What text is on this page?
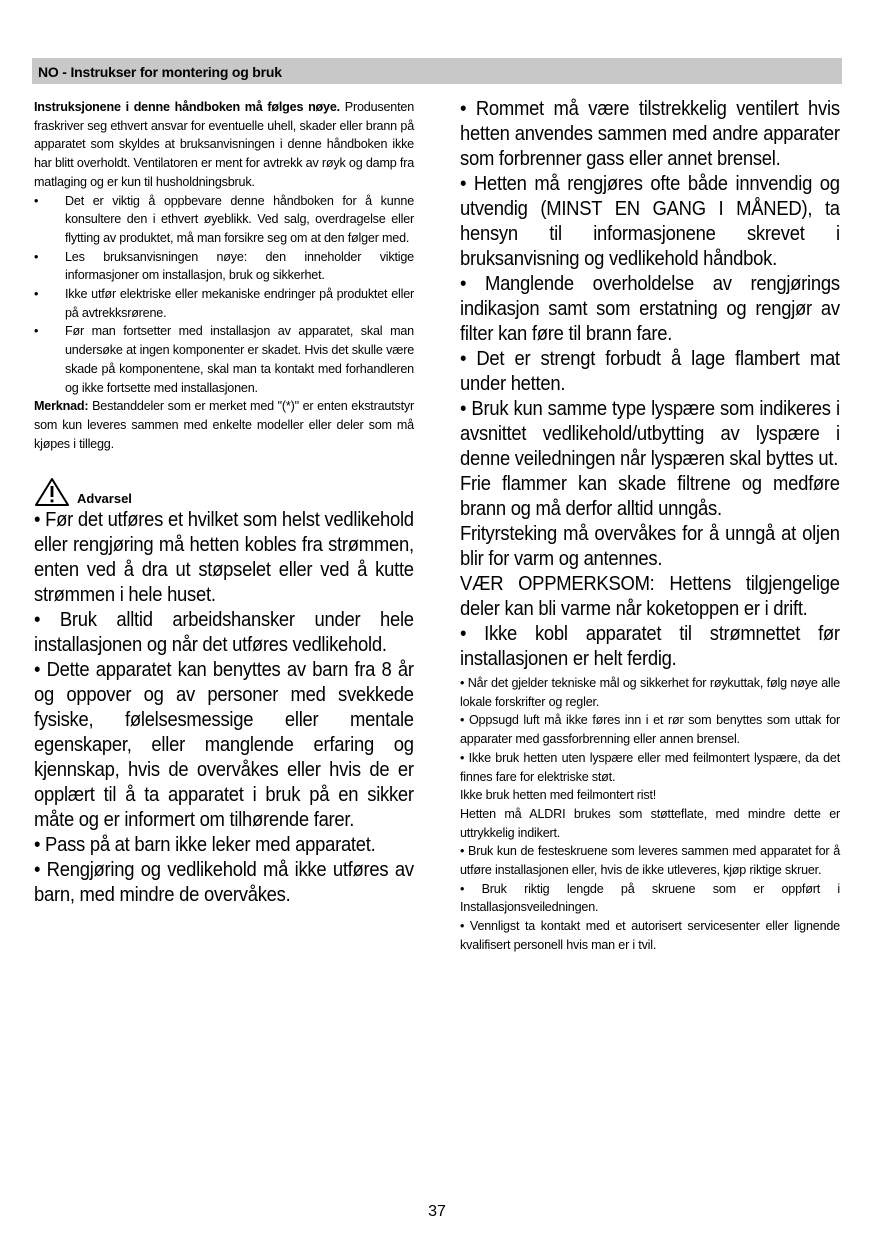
NO - Instrukser for montering og bruk

Instruksjonene i denne håndboken må følges nøye. Produsenten fraskriver seg ethvert ansvar for eventuelle uhell, skader eller brann på apparatet som skyldes at bruksanvisningen i denne håndboken ikke har blitt overholdt. Ventilatoren er ment for avtrekk av røyk og damp fra matlaging og er kun til husholdningsbruk.

• Det er viktig å oppbevare denne håndboken for å kunne konsultere den i ethvert øyeblikk. Ved salg, overdragelse eller flytting av produktet, må man forsikre seg om at den følger med.

• Les bruksanvisningen nøye: den inneholder viktige informasjoner om installasjon, bruk og sikkerhet.

• Ikke utfør elektriske eller mekaniske endringer på produktet eller på avtrekksrørene.

• Før man fortsetter med installasjon av apparatet, skal man undersøke at ingen komponenter er skadet. Hvis det skulle være skade på komponentene, skal man ta kontakt med forhandleren og ikke fortsette med installasjonen.

Merknad: Bestanddeler som er merket med "(*)" er enten ekstrautstyr som kun leveres sammen med enkelte modeller eller deler som må kjøpes i tillegg.

Advarsel

• Før det utføres et hvilket som helst vedlikehold eller rengjøring må hetten kobles fra strømmen, enten ved å dra ut støpselet eller ved å kutte strømmen i hele huset.

• Bruk alltid arbeidshansker under hele installasjonen og når det utføres vedlikehold.

• Dette apparatet kan benyttes av barn fra 8 år og oppover og av personer med svekkede fysiske, følelsesmessige eller mentale egenskaper, eller manglende erfaring og kjennskap, hvis de overvåkes eller hvis de er opplært til å ta apparatet i bruk på en sikker måte og er informert om tilhørende farer.

• Pass på at barn ikke leker med apparatet.

• Rengjøring og vedlikehold må ikke utføres av barn, med mindre de overvåkes.

• Rommet må være tilstrekkelig ventilert hvis hetten anvendes sammen med andre apparater som forbrenner gass eller annet brensel.

• Hetten må rengjøres ofte både innvendig og utvendig (MINST EN GANG I MÅNED), ta hensyn til informasjonene skrevet i bruksanvisning og vedlikehold håndbok.

• Manglende overholdelse av rengjørings indikasjon samt som erstatning og rengjør av filter kan føre til brann fare.

• Det er strengt forbudt å lage flambert mat under hetten.

• Bruk kun samme type lyspære som indikeres i avsnittet vedlikehold/utbytting av lyspære i denne veiledningen når lyspæren skal byttes ut.

Frie flammer kan skade filtrene og medføre brann og må derfor alltid unngås.

Frityrsteking må overvåkes for å unngå at oljen blir for varm og antennes.

VÆR OPPMERKSOM: Hettens tilgjengelige deler kan bli varme når koketoppen er i drift.

• Ikke kobl apparatet til strømnettet før installasjonen er helt ferdig.

• Når det gjelder tekniske mål og sikkerhet for røykuttak, følg nøye alle lokale forskrifter og regler.

• Oppsugd luft må ikke føres inn i et rør som benyttes som uttak for apparater med gassforbrenning eller annen brensel.

• Ikke bruk hetten uten lyspære eller med feilmontert lyspære, da det finnes fare for elektriske støt.

Ikke bruk hetten med feilmontert rist!

Hetten må ALDRI brukes som støtteflate, med mindre dette er uttrykkelig indikert.

• Bruk kun de festeskruene som leveres sammen med apparatet for å utføre installasjonen eller, hvis de ikke utleveres, kjøp riktige skruer.

• Bruk riktig lengde på skruene som er oppført i Installasjonsveiledningen.

• Vennligst ta kontakt med et autorisert servicesenter eller lignende kvalifisert personell hvis man er i tvil.

37
